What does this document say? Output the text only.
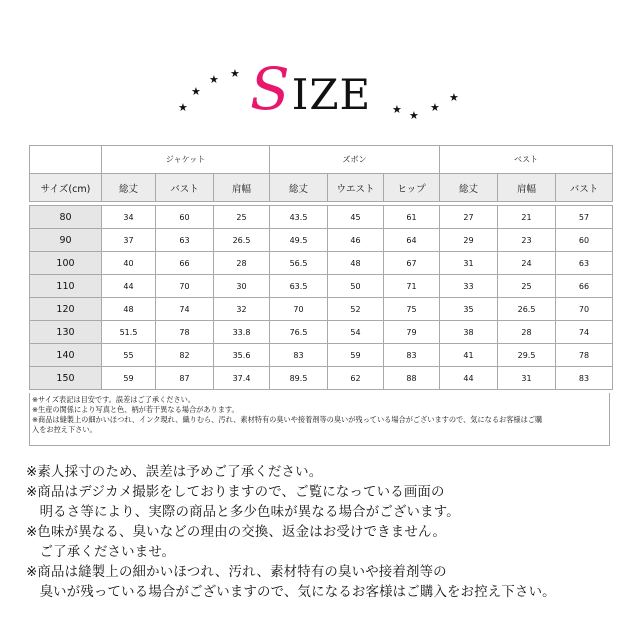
★
★
★ ★ S IZE ★ ★
★
★
	ジャケット			ズボン			ベスト		
サイズ(cm)	総丈	バスト	肩幅	総丈	ウエスト	ヒップ	総丈	肩幅	バスト

80	34	60	25	43.5	45	61	27	21	57
90	37	63	26.5	49.5	46	64	29	23	60
100	40	66	28	56.5	48	67	31	24	63
110	44	70	30	63.5	50	71	33	25	66
120	48	74	32	70	52	75	35	26.5	70
130	51.5	78	33.8	76.5	54	79	38	28	74
140	55	82	35.6	83	59	83	41	29.5	78
150	59	87	37.4	89.5	62	88	44	31	83
※サイズ表記は目安です。誤差はご了承ください。
※生産の関係により写真と色、柄が若干異なる場合があります。
※商品は縫製上の細かいほつれ、インク現れ、織りむら、汚れ、素材特有の臭いや接着剤等の臭いが残っている場合がございますので、気になるお客様はご購
入をお控え下さい。
※素人採寸のため、誤差は予めご了承ください。
※商品はデジカメ撮影をしておりますので、ご覧になっている画面の
　明るさ等により、実際の商品と多少色味が異なる場合がございます。
※色味が異なる、臭いなどの理由の交換、返金はお受けできません。
　ご了承くださいませ。
※商品は縫製上の細かいほつれ、汚れ、素材特有の臭いや接着剤等の
　臭いが残っている場合がございますので、気になるお客様はご購入をお控え下さい。
